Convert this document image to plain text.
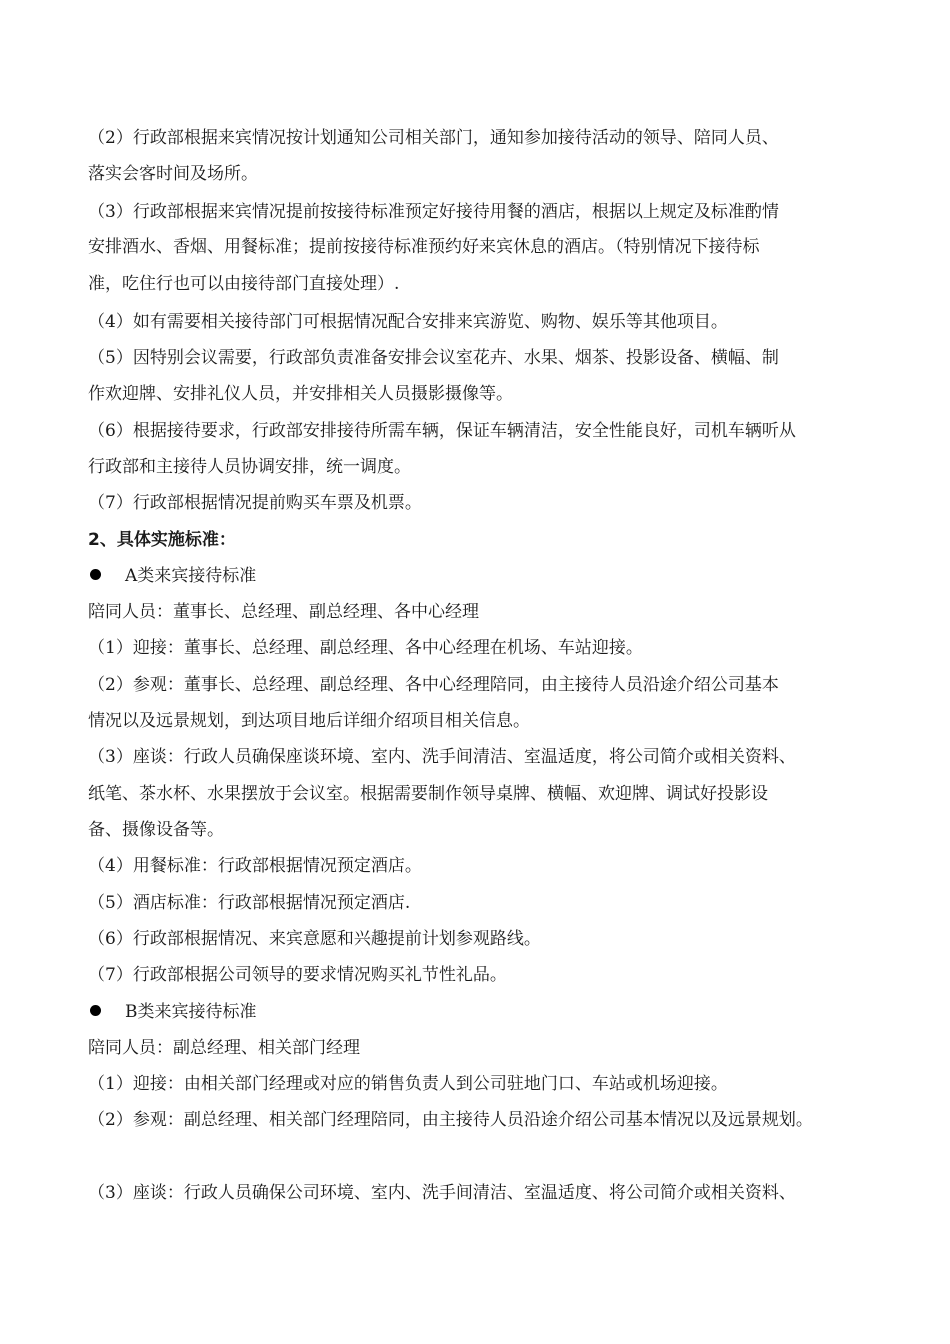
（2）行政部根据来宾情况按计划通知公司相关部门，通知参加接待活动的领导、陪同人员、
落实会客时间及场所。
（3）行政部根据来宾情况提前按接待标准预定好接待用餐的酒店，根据以上规定及标准酌情
安排酒水、香烟、用餐标准；提前按接待标准预约好来宾休息的酒店。（特别情况下接待标
准，吃住行也可以由接待部门直接处理）.
（4）如有需要相关接待部门可根据情况配合安排来宾游览、购物、娱乐等其他项目。
（5）因特别会议需要，行政部负责准备安排会议室花卉、水果、烟茶、投影设备、横幅、制
作欢迎牌、安排礼仪人员，并安排相关人员摄影摄像等。
（6）根据接待要求，行政部安排接待所需车辆，保证车辆清洁，安全性能良好，司机车辆听从
行政部和主接待人员协调安排，统一调度。
（7）行政部根据情况提前购买车票及机票。
2、具体实施标准：
A类来宾接待标准
陪同人员：董事长、总经理、副总经理、各中心经理
（1）迎接：董事长、总经理、副总经理、各中心经理在机场、车站迎接。
（2）参观：董事长、总经理、副总经理、各中心经理陪同，由主接待人员沿途介绍公司基本
情况以及远景规划，到达项目地后详细介绍项目相关信息。
（3）座谈：行政人员确保座谈环境、室内、洗手间清洁、室温适度，将公司简介或相关资料、
纸笔、茶水杯、水果摆放于会议室。根据需要制作领导桌牌、横幅、欢迎牌、调试好投影设
备、摄像设备等。
（4）用餐标准：行政部根据情况预定酒店。
（5）酒店标准：行政部根据情况预定酒店.
（6）行政部根据情况、来宾意愿和兴趣提前计划参观路线。
（7）行政部根据公司领导的要求情况购买礼节性礼品。
B类来宾接待标准
陪同人员：副总经理、相关部门经理
（1）迎接：由相关部门经理或对应的销售负责人到公司驻地门口、车站或机场迎接。
（2）参观：副总经理、相关部门经理陪同，由主接待人员沿途介绍公司基本情况以及远景规划。
（3）座谈：行政人员确保公司环境、室内、洗手间清洁、室温适度、将公司简介或相关资料、
